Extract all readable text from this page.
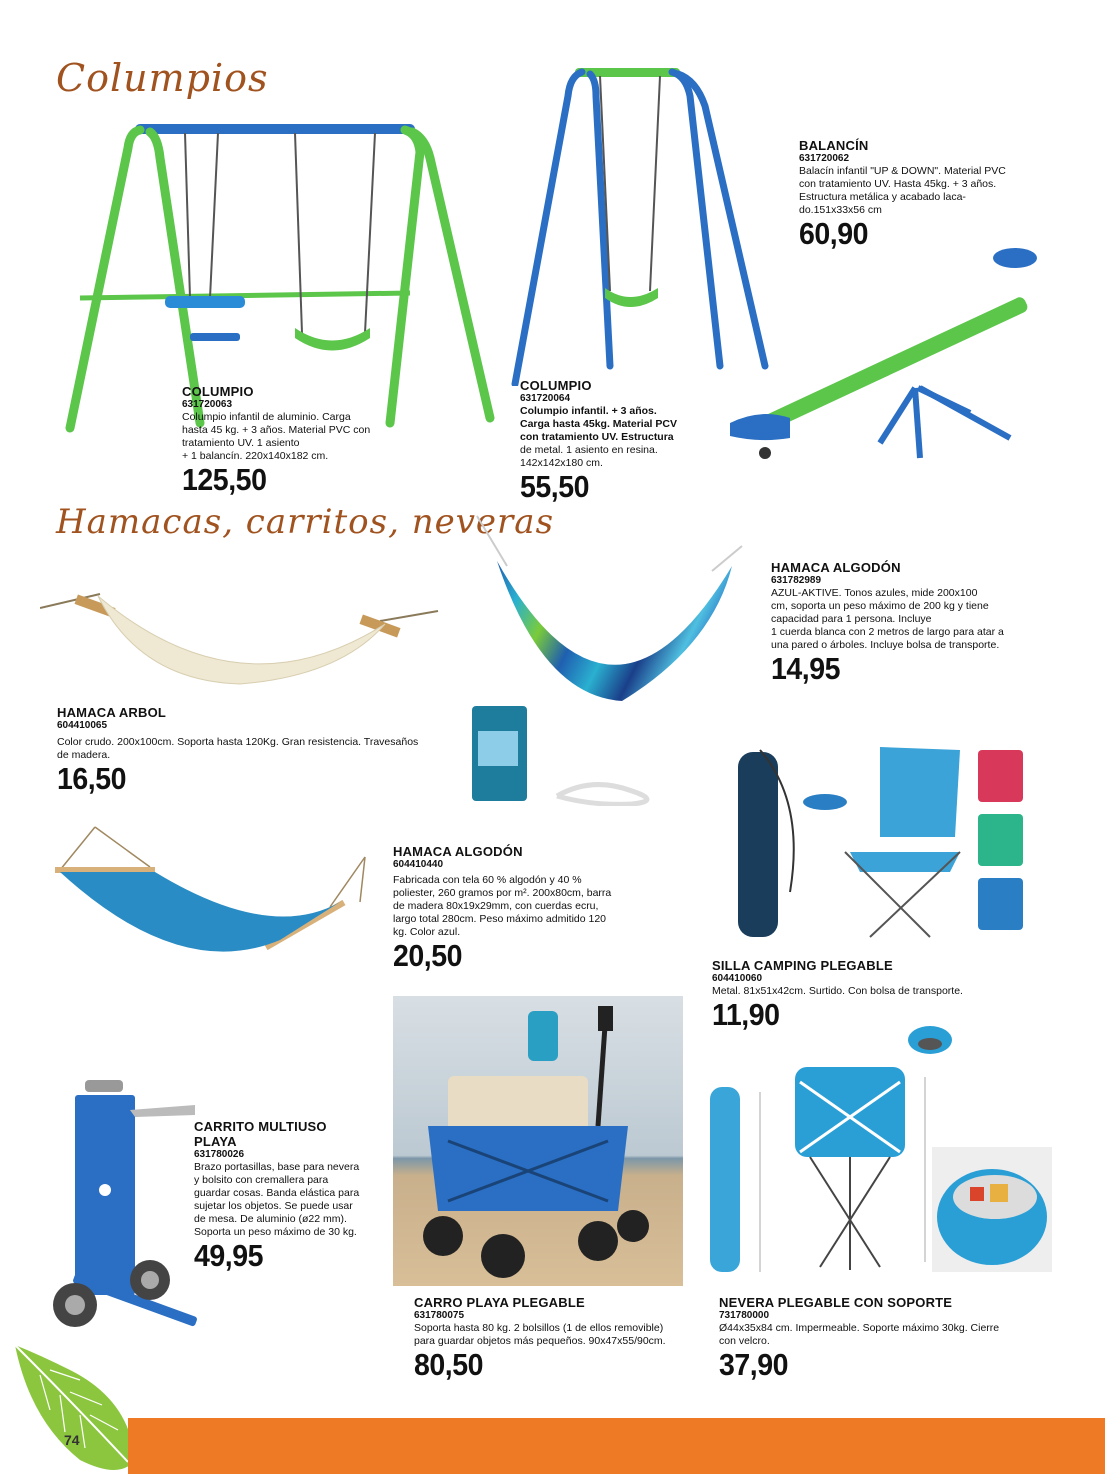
Columpios
Hamacas, carritos, neveras
BALANCÍN
631720062
Balacín infantil "UP & DOWN". Material PVC
con tratamiento UV. Hasta 45kg. + 3 años.
Estructura metálica y acabado laca-
do.151x33x56 cm
60,90
COLUMPIO
631720063
Columpio infantil de aluminio. Carga
hasta 45 kg. + 3 años. Material PVC con
tratamiento UV. 1 asiento
+ 1 balancín. 220x140x182 cm.
125,50
COLUMPIO
631720064
Columpio infantil. + 3 años.
Carga hasta 45kg. Material PCV
con tratamiento UV. Estructura
de metal. 1 asiento en resina.
142x142x180 cm.
55,50
HAMACA ALGODÓN
631782989
AZUL-AKTIVE. Tonos azules, mide 200x100
cm, soporta un peso máximo de 200 kg y tiene
capacidad para 1 persona. Incluye
1 cuerda blanca con 2 metros de largo para atar a
una pared o árboles. Incluye bolsa de transporte.
14,95
HAMACA ARBOL
604410065
Color crudo. 200x100cm. Soporta hasta 120Kg. Gran resistencia. Travesaños
de madera.
16,50
HAMACA ALGODÓN
604410440
Fabricada con tela 60 % algodón y 40 %
poliester, 260 gramos por m². 200x80cm, barra
de madera 80x19x29mm, con cuerdas ecru,
largo total 280cm. Peso máximo admitido 120
kg. Color azul.
20,50	SILLA CAMPING PLEGABLE
604410060
Metal. 81x51x42cm. Surtido. Con bolsa de transporte.
11,90
CARRITO MULTIUSO
PLAYA
631780026
Brazo portasillas, base para nevera
y bolsito con cremallera para
guardar cosas. Banda elástica para
sujetar los objetos. Se puede usar
de mesa. De aluminio (ø22 mm).
Soporta un peso máximo de 30 kg.
49,95
CARRO PLAYA PLEGABLE
631780075
Soporta hasta 80 kg. 2 bolsillos (1 de ellos removible)
para guardar objetos más pequeños. 90x47x55/90cm.
80,50
NEVERA PLEGABLE CON SOPORTE
731780000
Ø44x35x84 cm. Impermeable. Soporte máximo 30kg. Cierre
con velcro.
37,90
74
